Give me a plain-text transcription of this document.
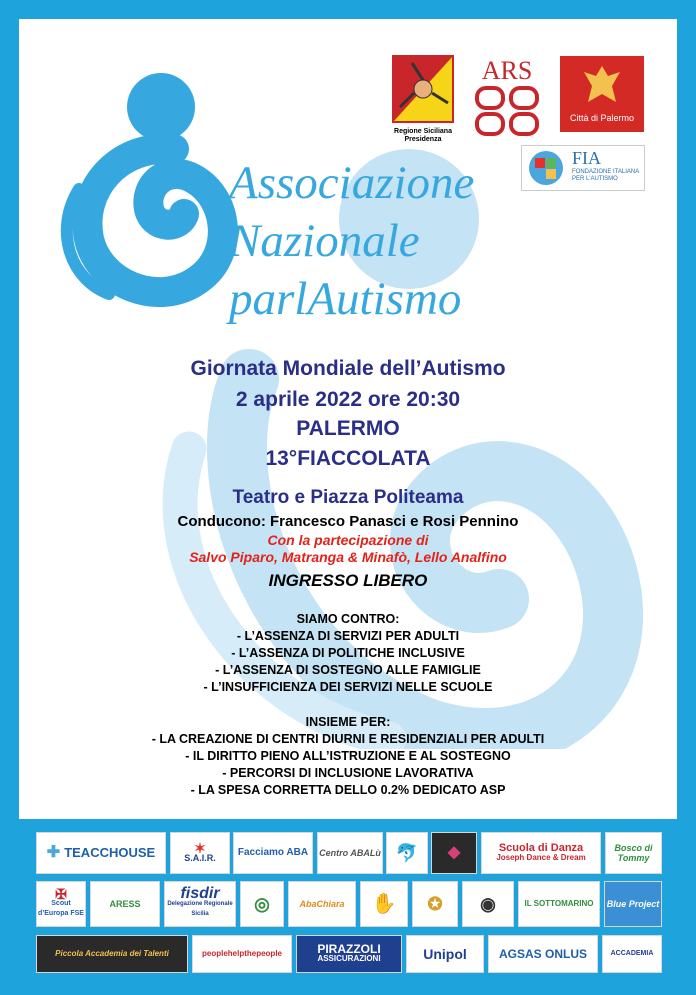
Associazione
Nazionale
parlAutismo
Regione Siciliana
Presidenza
ARS
Città di Palermo
FIA
FONDAZIONE ITALIANA PER L'AUTISMO
Giornata Mondiale dell’Autismo
2 aprile 2022 ore 20:30
PALERMO
13°FIACCOLATA
Teatro e Piazza Politeama
Conducono: Francesco Panasci e Rosi Pennino
Con la partecipazione di
Salvo Piparo, Matranga & Minafò, Lello Analfino
INGRESSO LIBERO
SIAMO CONTRO:
- L’ASSENZA DI SERVIZI PER ADULTI
- L’ASSENZA DI POLITICHE INCLUSIVE
- L’ASSENZA DI SOSTEGNO ALLE FAMIGLIE
- L’INSUFFICIENZA DEI SERVIZI NELLE SCUOLE
INSIEME PER:
- LA CREAZIONE DI CENTRI DIURNI E RESIDENZIALI PER ADULTI
- IL DIRITTO PIENO ALL’ISTRUZIONE E AL SOSTEGNO
- PERCORSI DI INCLUSIONE LAVORATIVA
- LA SPESA CORRETTA DELLO 0.2% DEDICATO ASP
✚ TEACCHOUSE	✶
S.A.I.R. Facciamo ABA Centro ABALù 🐬 ◆	Scuola di Danza
Joseph Dance & Dream
Bosco di Tommy
✠
Scout d’Europa FSE
ARESS
fisdir
Delegazione Regionale Sicilia	◎	AbaChiara ✋ ✪ ◉	IL SOTTOMARINO Blue Project
Piccola Accademia dei Talenti	peoplehelpthepeople	PIRAZZOLI
ASSICURAZIONI	Unipol	AGSAS ONLUS	ACCADEMIA
